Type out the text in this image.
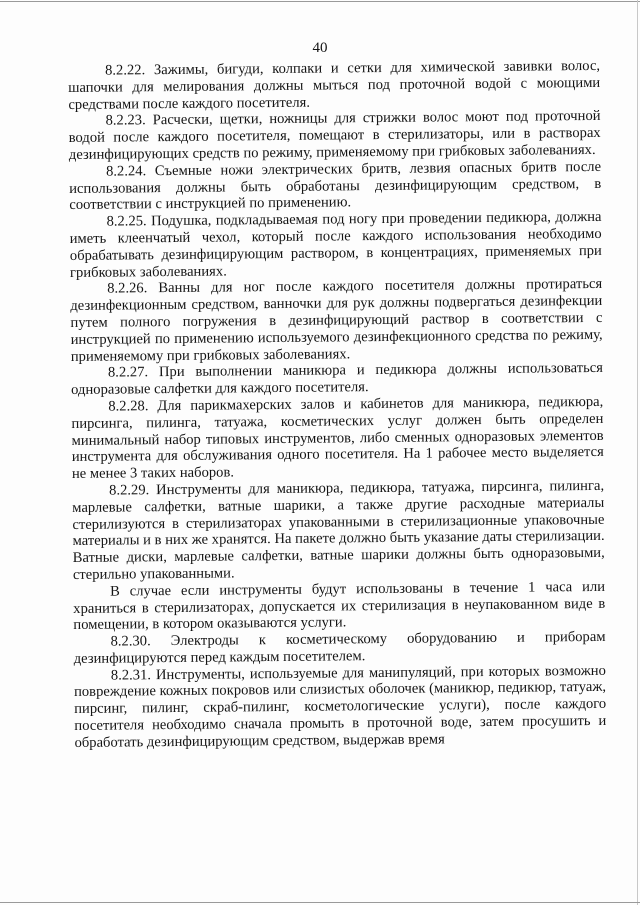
40

8.2.22. Зажимы, бигуди, колпаки и сетки для химической завивки волос, шапочки для мелирования должны мыться под проточной водой с моющими средствами после каждого посетителя.

8.2.23. Расчески, щетки, ножницы для стрижки волос моют под проточной водой после каждого посетителя, помещают в стерилизаторы, или в растворах дезинфицирующих средств по режиму, применяемому при грибковых заболеваниях.

8.2.24. Съемные ножи электрических бритв, лезвия опасных бритв после использования должны быть обработаны дезинфицирующим средством, в соответствии с инструкцией по применению.

8.2.25. Подушка, подкладываемая под ногу при проведении педикюра, должна иметь клеенчатый чехол, который после каждого использования необходимо обрабатывать дезинфицирующим раствором, в концентрациях, применяемых при грибковых заболеваниях.

8.2.26. Ванны для ног после каждого посетителя должны протираться дезинфекционным средством, ванночки для рук должны подвергаться дезинфекции путем полного погружения в дезинфицирующий раствор в соответствии с инструкцией по применению используемого дезинфекционного средства по режиму, применяемому при грибковых заболеваниях.

8.2.27. При выполнении маникюра и педикюра должны использоваться одноразовые салфетки для каждого посетителя.

8.2.28. Для парикмахерских залов и кабинетов для маникюра, педикюра, пирсинга, пилинга, татуажа, косметических услуг должен быть определен минимальный набор типовых инструментов, либо сменных одноразовых элементов инструмента для обслуживания одного посетителя. На 1 рабочее место выделяется не менее 3 таких наборов.

8.2.29. Инструменты для маникюра, педикюра, татуажа, пирсинга, пилинга, марлевые салфетки, ватные шарики, а также другие расходные материалы стерилизуются в стерилизаторах упакованными в стерилизационные упаковочные материалы и в них же хранятся. На пакете должно быть указание даты стерилизации. Ватные диски, марлевые салфетки, ватные шарики должны быть одноразовыми, стерильно упакованными.

В случае если инструменты будут использованы в течение 1 часа или храниться в стерилизаторах, допускается их стерилизация в неупакованном виде в помещении, в котором оказываются услуги.

8.2.30. Электроды к косметическому оборудованию и приборам дезинфицируются перед каждым посетителем.

8.2.31. Инструменты, используемые для манипуляций, при которых возможно повреждение кожных покровов или слизистых оболочек (маникюр, педикюр, татуаж, пирсинг, пилинг, скраб-пилинг, косметологические услуги), после каждого посетителя необходимо сначала промыть в проточной воде, затем просушить и обработать дезинфицирующим средством, выдержав время
